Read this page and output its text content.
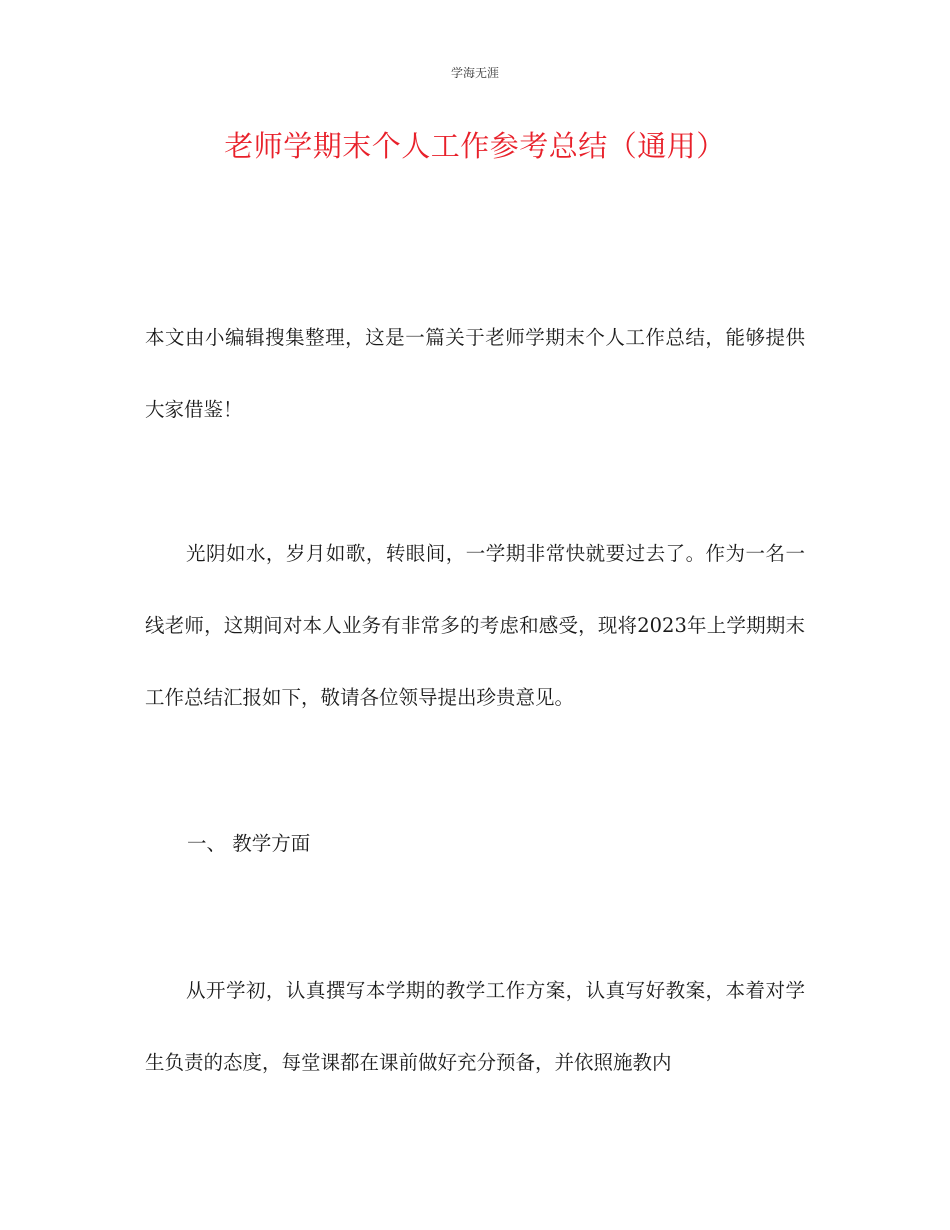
学海无涯
老师学期末个人工作参考总结（通用）

本文由小编辑搜集整理，这是一篇关于老师学期末个人工作总结，能够提供大家借鉴！

光阴如水，岁月如歌，转眼间，一学期非常快就要过去了。作为一名一线老师，这期间对本人业务有非常多的考虑和感受，现将2023年上学期期末工作总结汇报如下，敬请各位领导提出珍贵意见。

一、 教学方面

从开学初，认真撰写本学期的教学工作方案，认真写好教案，本着对学生负责的态度，每堂课都在课前做好充分预备，并依照施教内
